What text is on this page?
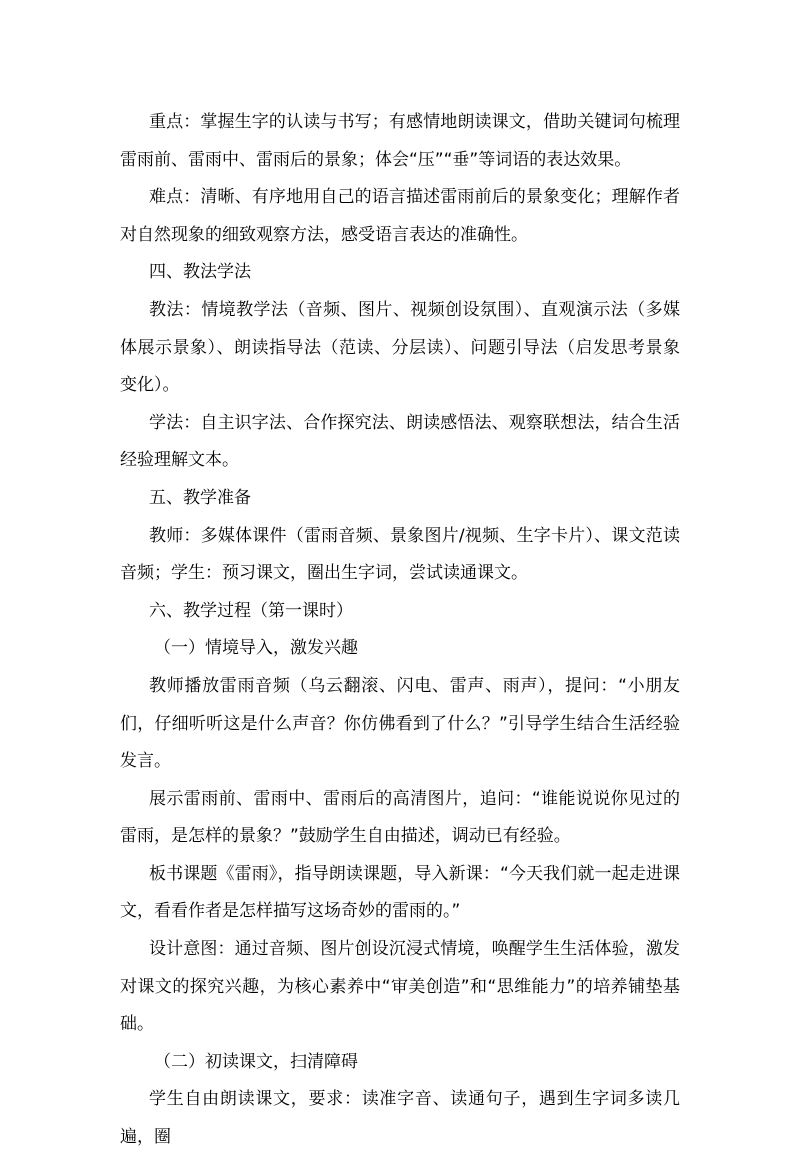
重点：掌握生字的认读与书写；有感情地朗读课文，借助关键词句梳理雷雨前、雷雨中、雷雨后的景象；体会“压”“垂”等词语的表达效果。

难点：清晰、有序地用自己的语言描述雷雨前后的景象变化；理解作者对自然现象的细致观察方法，感受语言表达的准确性。

四、教法学法

教法：情境教学法（音频、图片、视频创设氛围）、直观演示法（多媒体展示景象）、朗读指导法（范读、分层读）、问题引导法（启发思考景象变化）。

学法：自主识字法、合作探究法、朗读感悟法、观察联想法，结合生活经验理解文本。

五、教学准备

教师：多媒体课件（雷雨音频、景象图片/视频、生字卡片）、课文范读音频；学生：预习课文，圈出生字词，尝试读通课文。

六、教学过程（第一课时）

（一）情境导入，激发兴趣

教师播放雷雨音频（乌云翻滚、闪电、雷声、雨声），提问：“小朋友们，仔细听听这是什么声音？你仿佛看到了什么？”引导学生结合生活经验发言。

展示雷雨前、雷雨中、雷雨后的高清图片，追问：“谁能说说你见过的雷雨，是怎样的景象？”鼓励学生自由描述，调动已有经验。

板书课题《雷雨》，指导朗读课题，导入新课：“今天我们就一起走进课文，看看作者是怎样描写这场奇妙的雷雨的。”

设计意图：通过音频、图片创设沉浸式情境，唤醒学生生活体验，激发对课文的探究兴趣，为核心素养中“审美创造”和“思维能力”的培养铺垫基础。

（二）初读课文，扫清障碍

学生自由朗读课文，要求：读准字音、读通句子，遇到生字词多读几遍，圈
